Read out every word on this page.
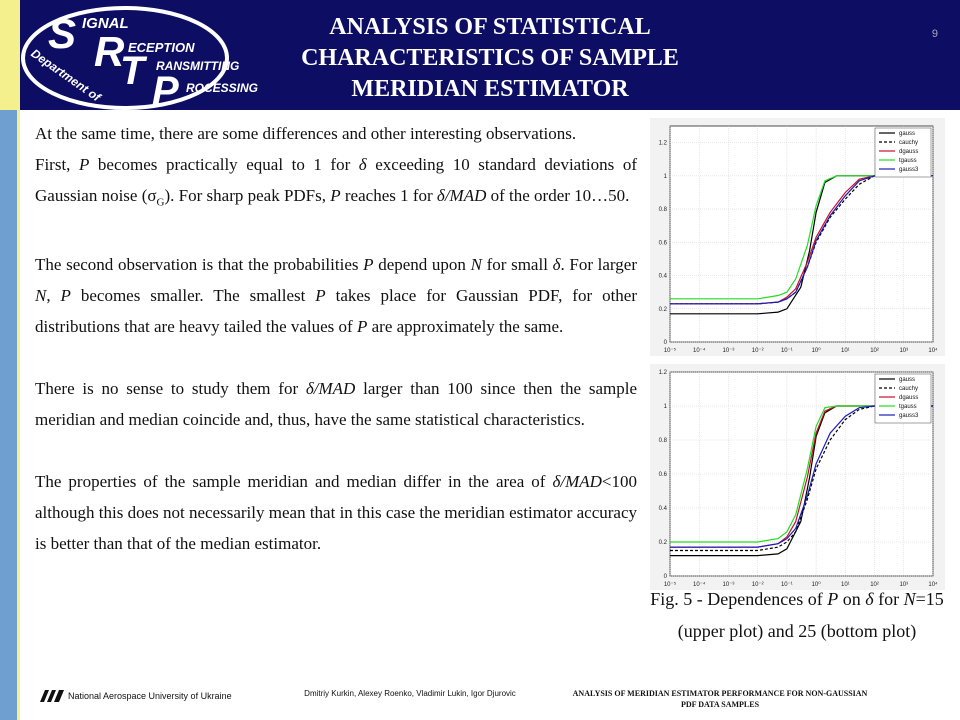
S IGNAL
R ECEPTION
T RANSMITTING
P ROCESSING
Department of
ANALYSIS OF STATISTICAL CHARACTERISTICS OF SAMPLE MERIDIAN ESTIMATOR
9

At the same time, there are some differences and other interesting observations.

First, P becomes practically equal to 1 for δ exceeding 10 standard deviations of Gaussian noise $(\sigma_G)$. For sharp peak PDFs, P reaches 1 for δ/MAD of the order 10…50.

The second observation is that the probabilities P depend upon N for small δ. For larger N, P becomes smaller. The smallest P takes place for Gaussian PDF, for other distributions that are heavy tailed the values of P are approximately the same.

There is no sense to study them for δ/MAD larger than 100 since then the sample meridian and median coincide and, thus, have the same statistical characteristics.

The properties of the sample meridian and median differ in the area of δ/MAD<100 although this does not necessarily mean that in this case the meridian estimator accuracy is better than that of the median estimator.

10⁻⁵	10⁻⁴	10⁻³	10⁻²	10⁻¹	10⁰	10¹	10²	10³	10⁴
0
0.2
0.4
0.6
0.8
1
1.2
gauss
cauchy
dgauss
tgauss
gauss3
10⁻⁵	10⁻⁴	10⁻³	10⁻²	10⁻¹	10⁰	10¹	10²	10³	10⁴
0
0.2
0.4
0.6
0.8
1
1.2
gauss
cauchy
dgauss
tgauss
gauss3
Fig. 5 - Dependences of P on δ for N=15 (upper plot) and 25 (bottom plot)
National Aerospace University of Ukraine	Dmitriy Kurkin, Alexey Roenko, Vladimir Lukin, Igor Djurovic	ANALYSIS OF MERIDIAN ESTIMATOR PERFORMANCE FOR NON-GAUSSIAN PDF DATA SAMPLES
